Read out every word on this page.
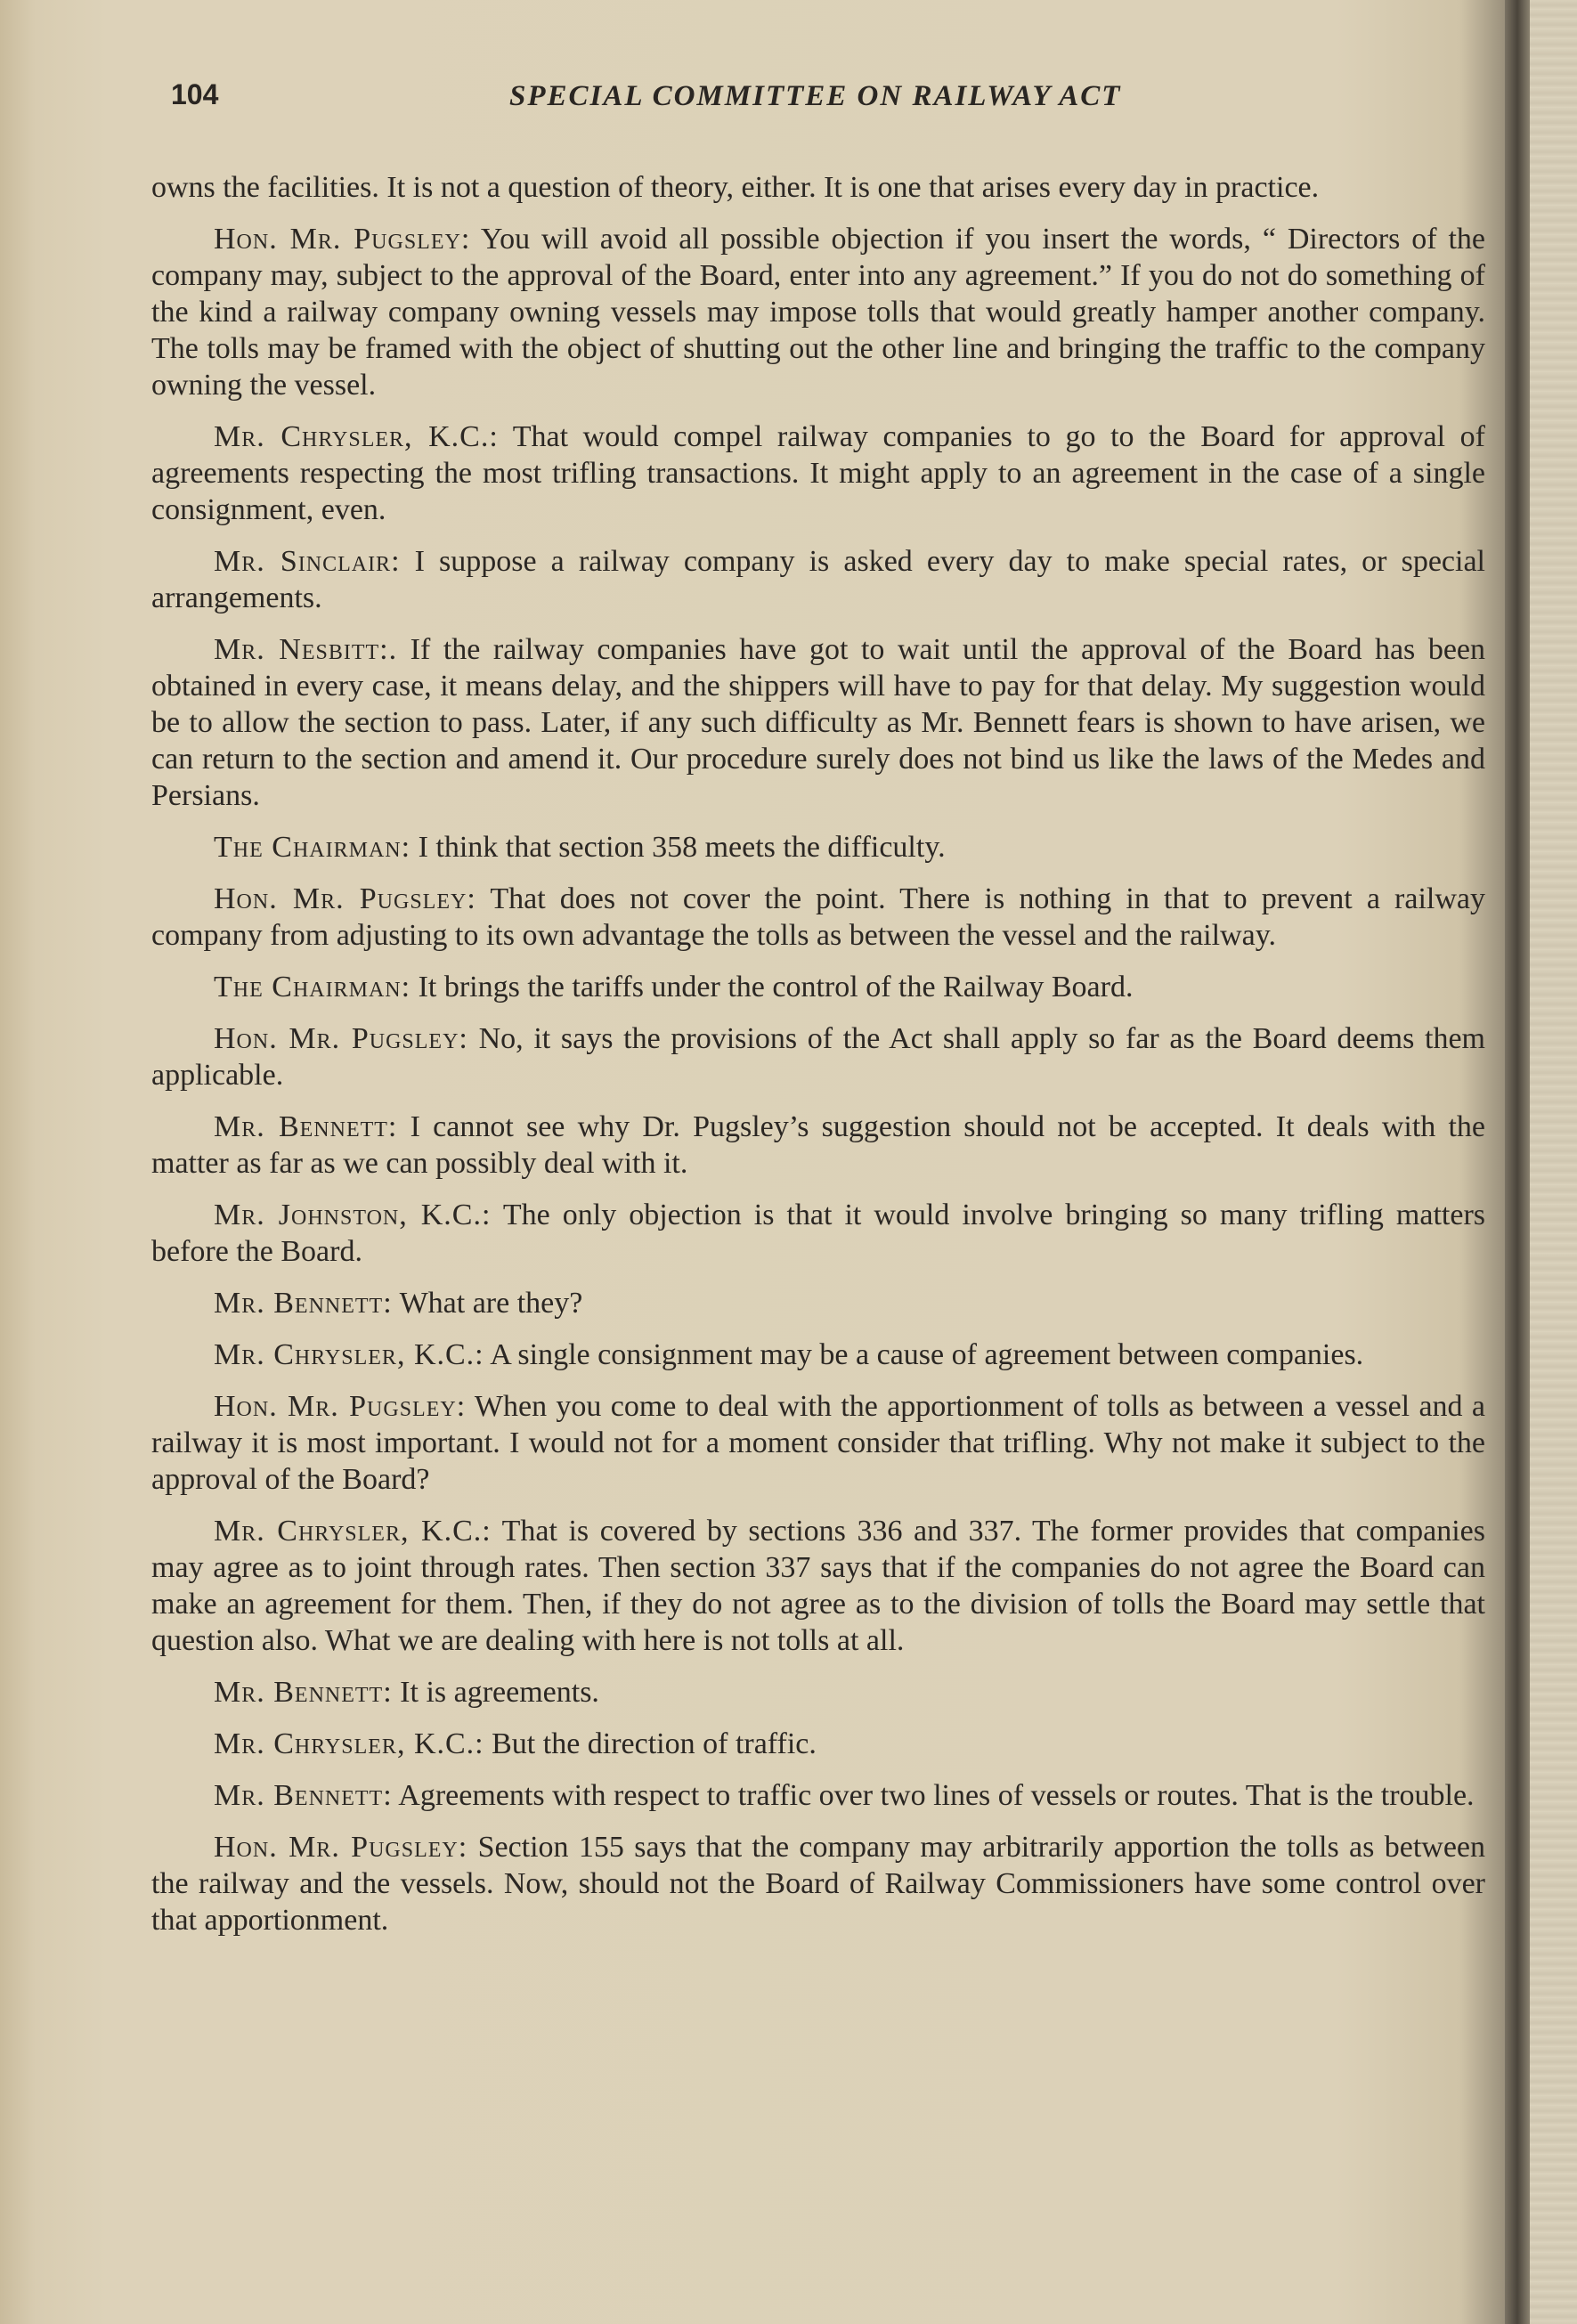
104	SPECIAL COMMITTEE ON RAILWAY ACT

owns the facilities. It is not a question of theory, either. It is one that arises every day in practice.

Hon. Mr. Pugsley: You will avoid all possible objection if you insert the words, “ Directors of the company may, subject to the approval of the Board, enter into any agreement.” If you do not do something of the kind a railway company owning vessels may impose tolls that would greatly hamper another company. The tolls may be framed with the object of shutting out the other line and bringing the traffic to the company owning the vessel.

Mr. Chrysler, K.C.: That would compel railway companies to go to the Board for approval of agreements respecting the most trifling transactions. It might apply to an agreement in the case of a single consignment, even.

Mr. Sinclair: I suppose a railway company is asked every day to make special rates, or special arrangements.

Mr. Nesbitt:. If the railway companies have got to wait until the approval of the Board has been obtained in every case, it means delay, and the shippers will have to pay for that delay. My suggestion would be to allow the section to pass. Later, if any such difficulty as Mr. Bennett fears is shown to have arisen, we can return to the section and amend it. Our procedure surely does not bind us like the laws of the Medes and Persians.

The Chairman: I think that section 358 meets the difficulty.

Hon. Mr. Pugsley: That does not cover the point. There is nothing in that to prevent a railway company from adjusting to its own advantage the tolls as between the vessel and the railway.

The Chairman: It brings the tariffs under the control of the Railway Board.

Hon. Mr. Pugsley: No, it says the provisions of the Act shall apply so far as the Board deems them applicable.

Mr. Bennett: I cannot see why Dr. Pugsley’s suggestion should not be accepted. It deals with the matter as far as we can possibly deal with it.

Mr. Johnston, K.C.: The only objection is that it would involve bringing so many trifling matters before the Board.

Mr. Bennett: What are they?

Mr. Chrysler, K.C.: A single consignment may be a cause of agreement between companies.

Hon. Mr. Pugsley: When you come to deal with the apportionment of tolls as between a vessel and a railway it is most important. I would not for a moment consider that trifling. Why not make it subject to the approval of the Board?

Mr. Chrysler, K.C.: That is covered by sections 336 and 337. The former provides that companies may agree as to joint through rates. Then section 337 says that if the companies do not agree the Board can make an agreement for them. Then, if they do not agree as to the division of tolls the Board may settle that question also. What we are dealing with here is not tolls at all.

Mr. Bennett: It is agreements.

Mr. Chrysler, K.C.: But the direction of traffic.

Mr. Bennett: Agreements with respect to traffic over two lines of vessels or routes. That is the trouble.

Hon. Mr. Pugsley: Section 155 says that the company may arbitrarily apportion the tolls as between the railway and the vessels. Now, should not the Board of Railway Commissioners have some control over that apportionment.
